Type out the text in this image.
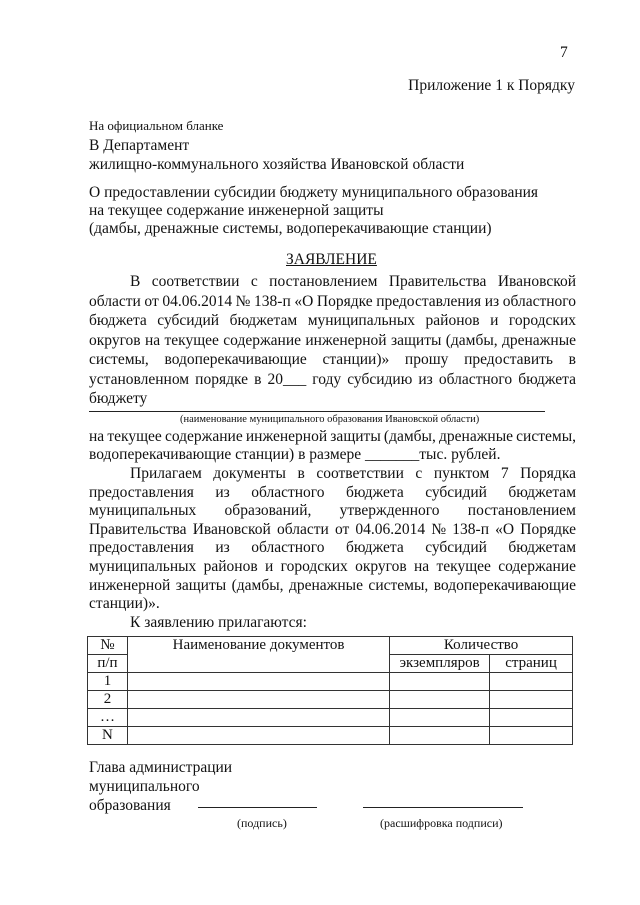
7
Приложение 1 к Порядку
На официальном бланке
В Департамент
жилищно-коммунального хозяйства Ивановской области
О предоставлении субсидии бюджету муниципального образования
на текущее содержание инженерной защиты
(дамбы, дренажные системы, водоперекачивающие станции)
ЗАЯВЛЕНИЕ
В соответствии с постановлением Правительства Ивановской
области от 04.06.2014 № 138-п «О Порядке предоставления из областного
бюджета субсидий бюджетам муниципальных районов и городских
округов на текущее содержание инженерной защиты (дамбы, дренажные
системы, водоперекачивающие станции)» прошу предоставить в
установленном порядке в 20___ году субсидию из областного бюджета
бюджету
(наименование муниципального образования Ивановской области)
на текущее содержание инженерной защиты (дамбы, дренажные системы,
водоперекачивающие станции) в размере _______тыс. рублей.
Прилагаем документы в соответствии с пунктом 7 Порядка
предоставления из областного бюджета субсидий бюджетам
муниципальных образований, утвержденного постановлением
Правительства Ивановской области от 04.06.2014 № 138-п «О Порядке
предоставления из областного бюджета субсидий бюджетам
муниципальных районов и городских округов на текущее содержание
инженерной защиты (дамбы, дренажные системы, водоперекачивающие
станции)».
К заявлению прилагаются:
№	Наименование документов	Количество	
п/п		экземпляров	страниц
1			
2			
…			
N			
Глава администрации
муниципального
образования
(подпись)	(расшифровка подписи)
